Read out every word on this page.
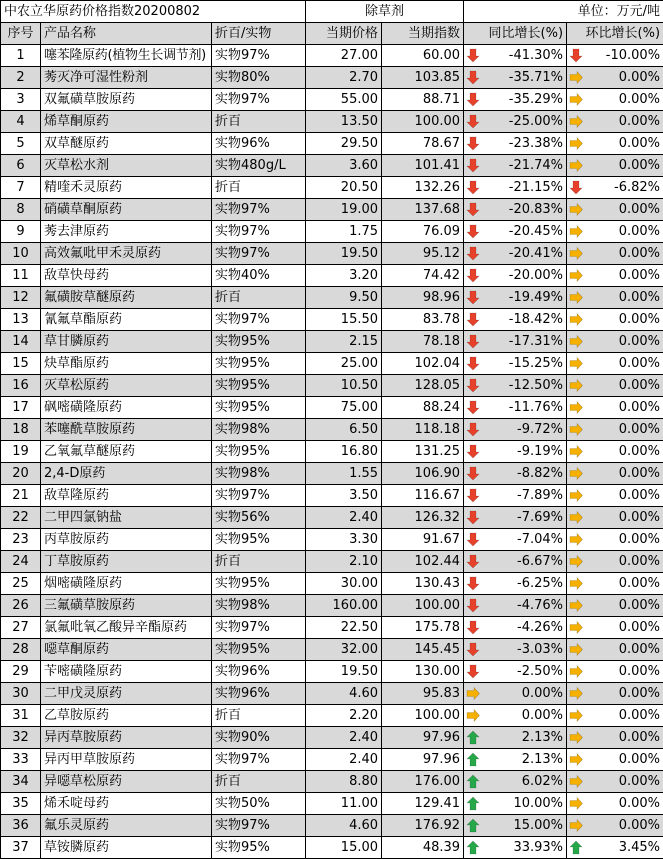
中农立华原药价格指数20200802			除草剂		单位：万元/吨	
序号	产品名称	折百/实物	当期价格	当期指数	同比增长(%)	环比增长(%)
1	噻苯隆原药(植物生长调节剂)	实物97%	27.00	60.00	-41.30%	-10.00%
2	莠灭净可湿性粉剂	实物80%	2.70	103.85	-35.71%	0.00%
3	双氟磺草胺原药	实物97%	55.00	88.71	-35.29%	0.00%
4	烯草酮原药	折百	13.50	100.00	-25.00%	0.00%
5	双草醚原药	实物96%	29.50	78.67	-23.38%	0.00%
6	灭草松水剂	实物480g/L	3.60	101.41	-21.74%	0.00%
7	精喹禾灵原药	折百	20.50	132.26	-21.15%	-6.82%
8	硝磺草酮原药	实物97%	19.00	137.68	-20.83%	0.00%
9	莠去津原药	实物97%	1.75	76.09	-20.45%	0.00%
10	高效氟吡甲禾灵原药	实物97%	19.50	95.12	-20.41%	0.00%
11	敌草快母药	实物40%	3.20	74.42	-20.00%	0.00%
12	氟磺胺草醚原药	折百	9.50	98.96	-19.49%	0.00%
13	氰氟草酯原药	实物97%	15.50	83.78	-18.42%	0.00%
14	草甘膦原药	实物95%	2.15	78.18	-17.31%	0.00%
15	炔草酯原药	实物95%	25.00	102.04	-15.25%	0.00%
16	灭草松原药	实物95%	10.50	128.05	-12.50%	0.00%
17	砜嘧磺隆原药	实物95%	75.00	88.24	-11.76%	0.00%
18	苯噻酰草胺原药	实物98%	6.50	118.18	-9.72%	0.00%
19	乙氧氟草醚原药	实物95%	16.80	131.25	-9.19%	0.00%
20	2,4-D原药	实物98%	1.55	106.90	-8.82%	0.00%
21	敌草隆原药	实物97%	3.50	116.67	-7.89%	0.00%
22	二甲四氯钠盐	实物56%	2.40	126.32	-7.69%	0.00%
23	丙草胺原药	实物95%	3.30	91.67	-7.04%	0.00%
24	丁草胺原药	折百	2.10	102.44	-6.67%	0.00%
25	烟嘧磺隆原药	实物95%	30.00	130.43	-6.25%	0.00%
26	三氟磺草胺原药	实物98%	160.00	100.00	-4.76%	0.00%
27	氯氟吡氧乙酸异辛酯原药	实物97%	22.50	175.78	-4.26%	0.00%
28	噁草酮原药	实物95%	32.00	145.45	-3.03%	0.00%
29	苄嘧磺隆原药	实物96%	19.50	130.00	-2.50%	0.00%
30	二甲戊灵原药	实物96%	4.60	95.83	0.00%	0.00%
31	乙草胺原药	折百	2.20	100.00	0.00%	0.00%
32	异丙草胺原药	实物90%	2.40	97.96	2.13%	0.00%
33	异丙甲草胺原药	实物97%	2.40	97.96	2.13%	0.00%
34	异噁草松原药	折百	8.80	176.00	6.02%	0.00%
35	烯禾啶母药	实物50%	11.00	129.41	10.00%	0.00%
36	氟乐灵原药	实物97%	4.60	176.92	15.00%	0.00%
37	草铵膦原药	实物95%	15.00	48.39	33.93%	3.45%
